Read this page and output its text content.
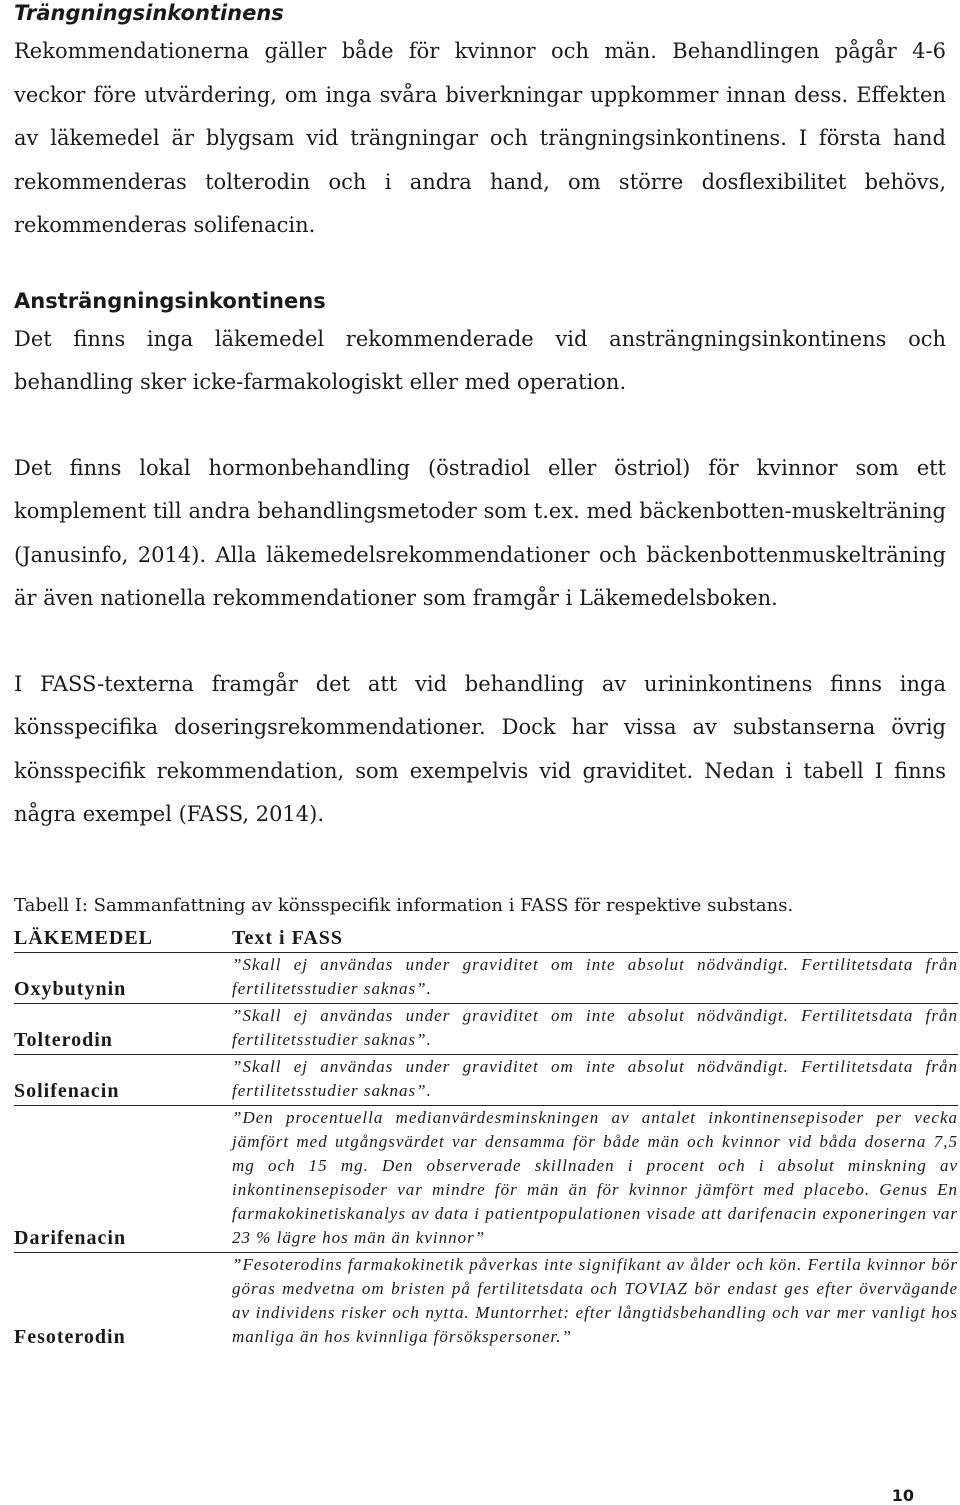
Trängningsinkontinens

Rekommendationerna gäller både för kvinnor och män. Behandlingen pågår 4-6 veckor före utvärdering, om inga svåra biverkningar uppkommer innan dess. Effekten av läkemedel är blygsam vid trängningar och trängningsinkontinens. I första hand rekommenderas tolterodin och i andra hand, om större dosflexibilitet behövs, rekommenderas solifenacin.

Ansträngningsinkontinens

Det finns inga läkemedel rekommenderade vid ansträngningsinkontinens och behandling sker icke-farmakologiskt eller med operation.

Det finns lokal hormonbehandling (östradiol eller östriol) för kvinnor som ett komplement till andra behandlingsmetoder som t.ex. med bäckenbotten-muskelträning (Janusinfo, 2014). Alla läkemedelsrekommendationer och bäckenbottenmuskelträning är även nationella rekommendationer som framgår i Läkemedelsboken.

I FASS-texterna framgår det att vid behandling av urininkontinens finns inga könsspecifika doseringsrekommendationer. Dock har vissa av substanserna övrig könsspecifik rekommendation, som exempelvis vid graviditet. Nedan i tabell I finns några exempel (FASS, 2014).

Tabell I: Sammanfattning av könsspecifik information i FASS för respektive substans.

LÄKEMEDEL	Text i FASS
Oxybutynin	”Skall ej användas under graviditet om inte absolut nödvändigt. Fertilitetsdata från fertilitetsstudier saknas”.
Tolterodin	”Skall ej användas under graviditet om inte absolut nödvändigt. Fertilitetsdata från fertilitetsstudier saknas”.
Solifenacin	”Skall ej användas under graviditet om inte absolut nödvändigt. Fertilitetsdata från fertilitetsstudier saknas”.
Darifenacin	”Den procentuella medianvärdesminskningen av antalet inkontinensepisoder per vecka jämfört med utgångsvärdet var densamma för både män och kvinnor vid båda doserna 7,5 mg och 15 mg. Den observerade skillnaden i procent och i absolut minskning av inkontinensepisoder var mindre för män än för kvinnor jämfört med placebo. Genus En farmakokinetiskanalys av data i patientpopulationen visade att darifenacin exponeringen var 23 % lägre hos män än kvinnor”
Fesoterodin	”Fesoterodins farmakokinetik påverkas inte signifikant av ålder och kön. Fertila kvinnor bör göras medvetna om bristen på fertilitetsdata och TOVIAZ bör endast ges efter övervägande av individens risker och nytta. Muntorrhet: efter långtidsbehandling och var mer vanligt hos manliga än hos kvinnliga försökspersoner.”
10
